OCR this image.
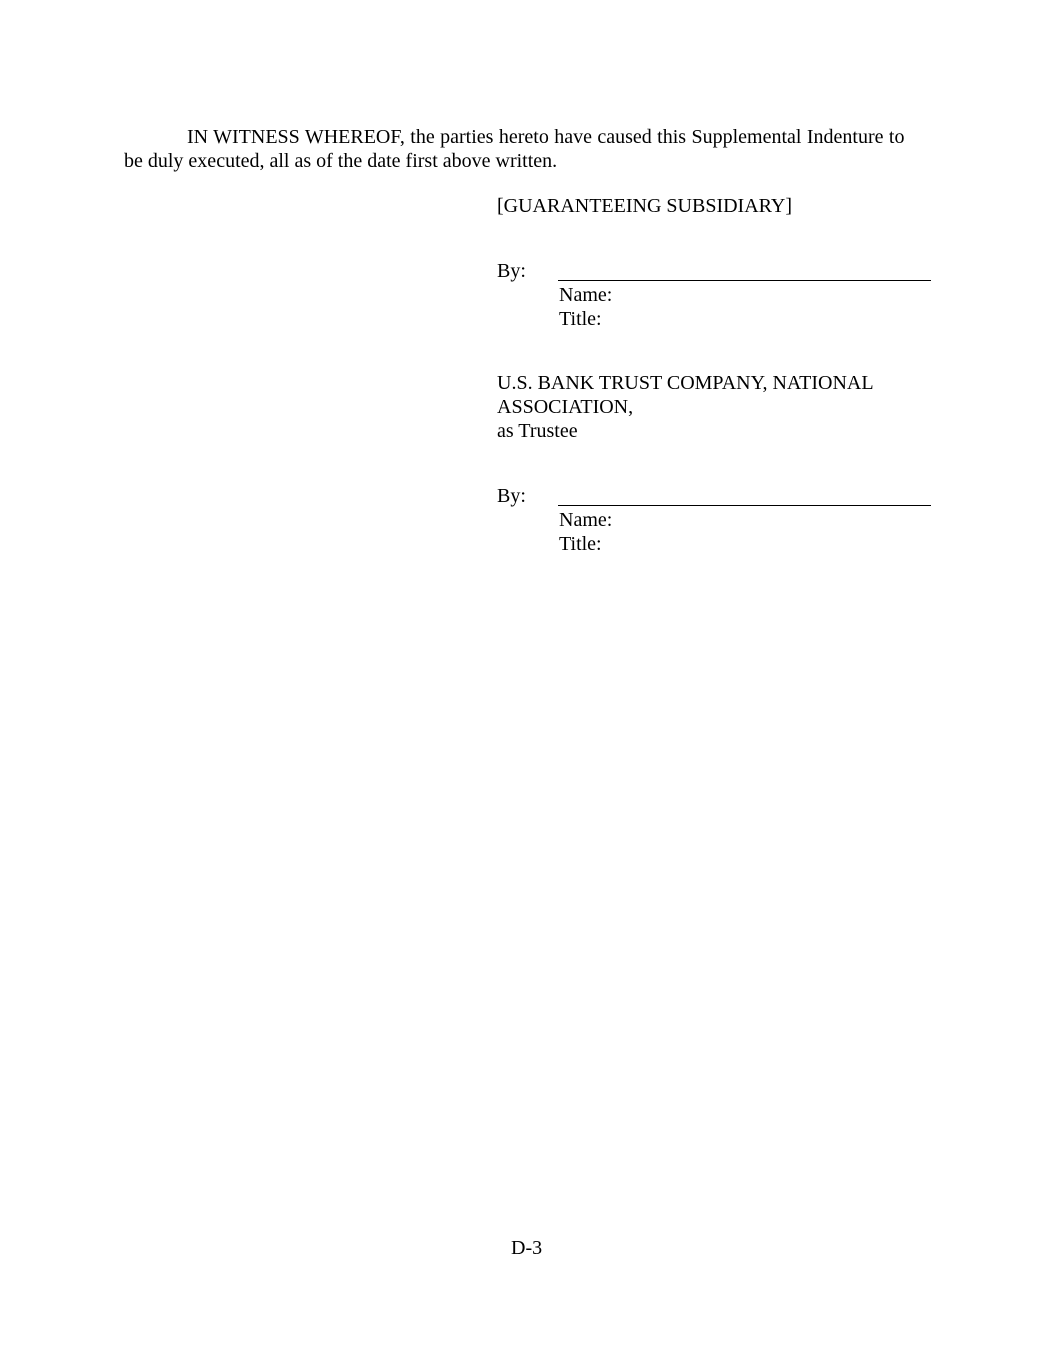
IN WITNESS WHEREOF, the parties hereto have caused this Supplemental Indenture to
be duly executed, all as of the date first above written.
[GUARANTEEING SUBSIDIARY]
By:
Name:
Title:
U.S. BANK TRUST COMPANY, NATIONAL
ASSOCIATION,
as Trustee
By:
Name:
Title:
D-3
